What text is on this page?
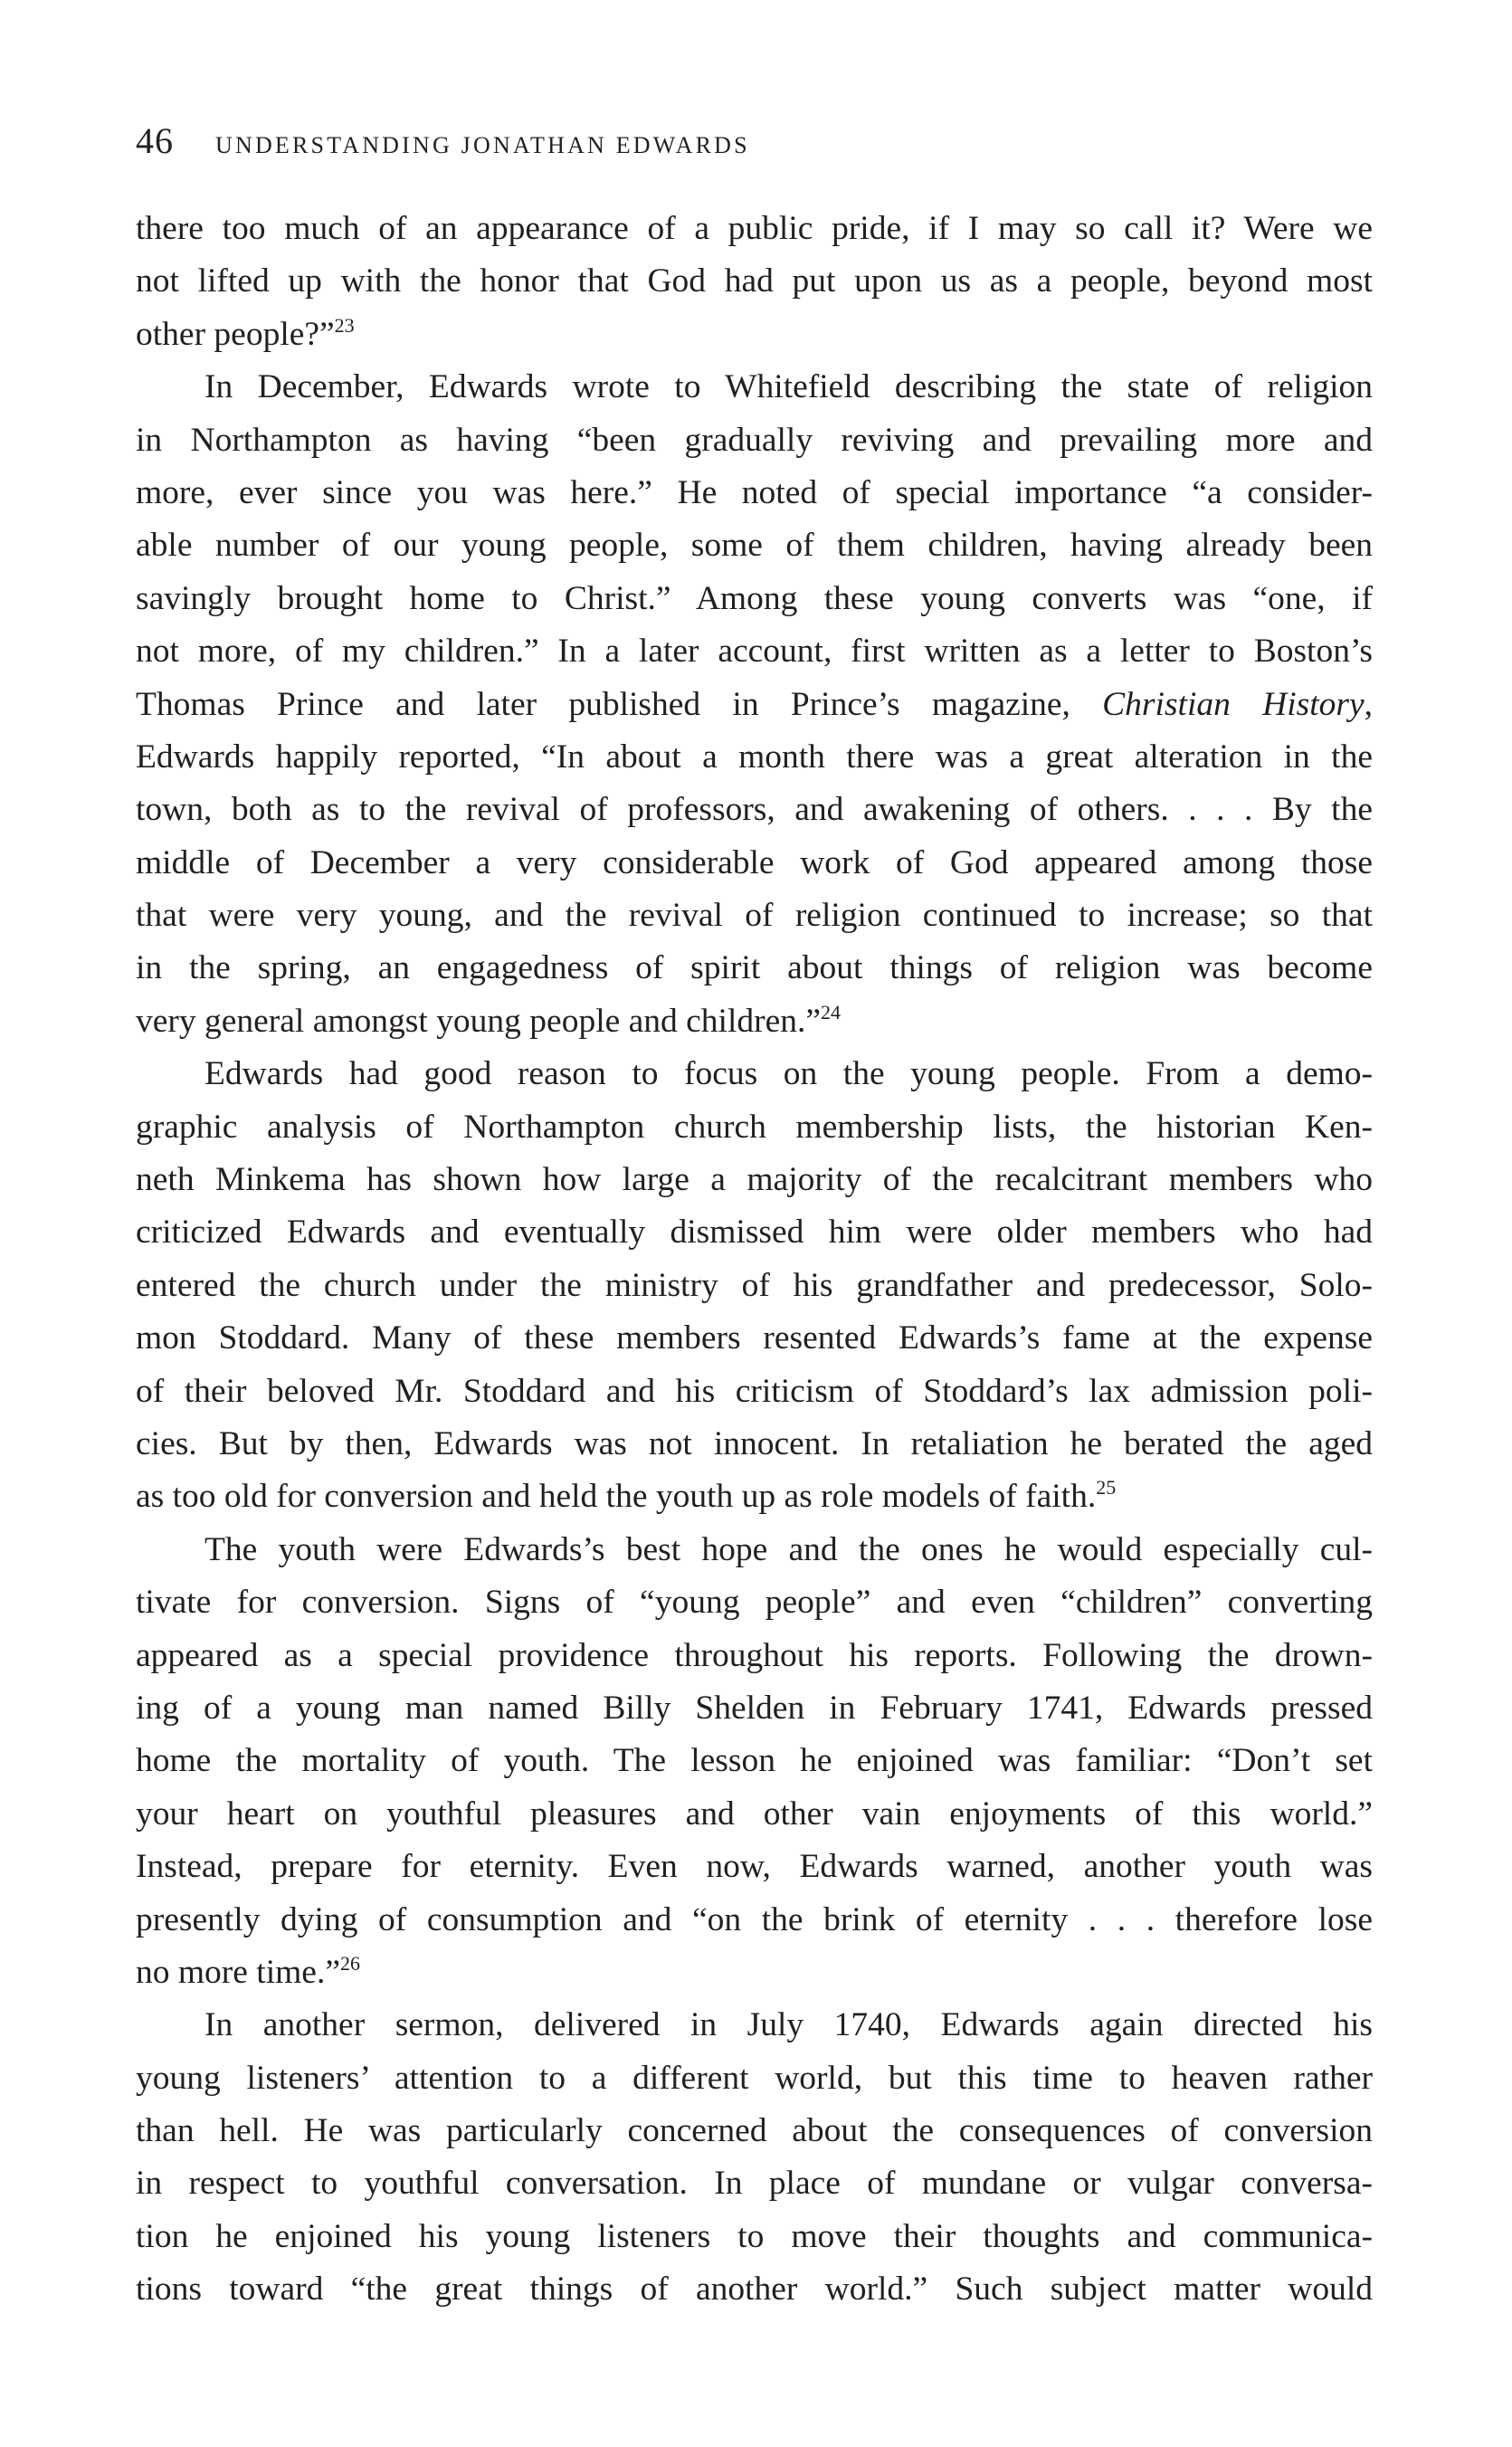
46 UNDERSTANDING JONATHAN EDWARDS
there too much of an appearance of a public pride, if I may so call it? Were we
not lifted up with the honor that God had put upon us as a people, beyond most
other people?”$^{23}$
In December, Edwards wrote to Whitefield describing the state of religion
in Northampton as having “been gradually reviving and prevailing more and
more, ever since you was here.” He noted of special importance “a consider-
able number of our young people, some of them children, having already been
savingly brought home to Christ.” Among these young converts was “one, if
not more, of my children.” In a later account, first written as a letter to Boston’s
Thomas Prince and later published in Prince’s magazine, Christian History,
Edwards happily reported, “In about a month there was a great alteration in the
town, both as to the revival of professors, and awakening of others. . . . By the
middle of December a very considerable work of God appeared among those
that were very young, and the revival of religion continued to increase; so that
in the spring, an engagedness of spirit about things of religion was become
very general amongst young people and children.”$^{24}$
Edwards had good reason to focus on the young people. From a demo-
graphic analysis of Northampton church membership lists, the historian Ken-
neth Minkema has shown how large a majority of the recalcitrant members who
criticized Edwards and eventually dismissed him were older members who had
entered the church under the ministry of his grandfather and predecessor, Solo-
mon Stoddard. Many of these members resented Edwards’s fame at the expense
of their beloved Mr. Stoddard and his criticism of Stoddard’s lax admission poli-
cies. But by then, Edwards was not innocent. In retaliation he berated the aged
as too old for conversion and held the youth up as role models of faith.$^{25}$
The youth were Edwards’s best hope and the ones he would especially cul-
tivate for conversion. Signs of “young people” and even “children” converting
appeared as a special providence throughout his reports. Following the drown-
ing of a young man named Billy Shelden in February 1741, Edwards pressed
home the mortality of youth. The lesson he enjoined was familiar: “Don’t set
your heart on youthful pleasures and other vain enjoyments of this world.”
Instead, prepare for eternity. Even now, Edwards warned, another youth was
presently dying of consumption and “on the brink of eternity . . . therefore lose
no more time.”$^{26}$
In another sermon, delivered in July 1740, Edwards again directed his
young listeners’ attention to a different world, but this time to heaven rather
than hell. He was particularly concerned about the consequences of conversion
in respect to youthful conversation. In place of mundane or vulgar conversa-
tion he enjoined his young listeners to move their thoughts and communica-
tions toward “the great things of another world.” Such subject matter would
